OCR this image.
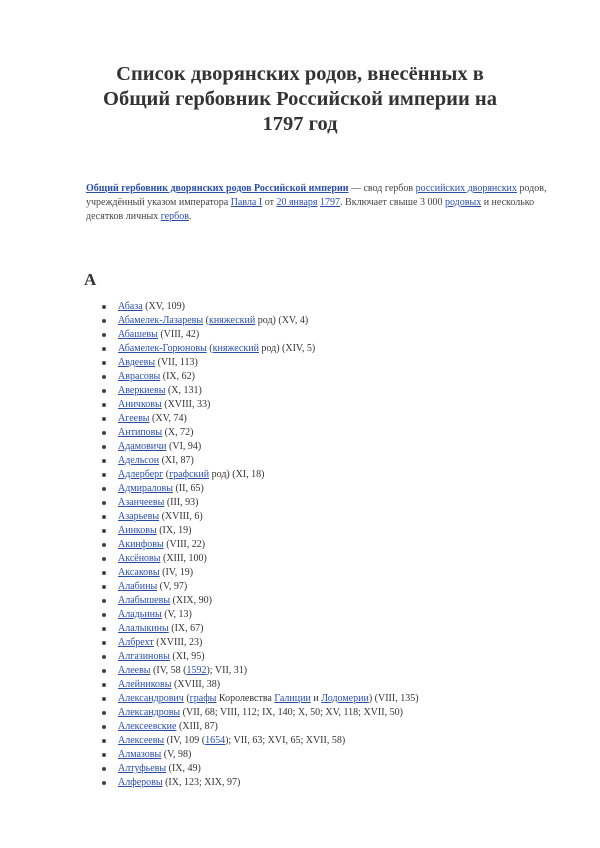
Список дворянских родов, внесённых в
Общий гербовник Российской империи на
1797 год
Общий гербовник дворянских родов Российской империи — свод гербов российских дворянских родов, учреждённый указом императора Павла I от 20 января 1797. Включает свыше 3 000 родовых и несколько десятков личных гербов.
А
Абаза (XV, 109)
Абамелек-Лазаревы (княжеский род) (XV, 4)
Абашевы (VIII, 42)
Абамелек-Горюновы (княжеский род) (XIV, 5)
Авдеевы (VII, 113)
Аврасовы (IX, 62)
Аверкиевы (X, 131)
Аничковы (XVIII, 33)
Агеевы (XV, 74)
Антиповы (X, 72)
Адамовичи (VI, 94)
Адельсон (XI, 87)
Адлерберг (графский род) (XI, 18)
Адмираловы (II, 65)
Азанчеевы (III, 93)
Азарьевы (XVIII, 6)
Аинковы (IX, 19)
Акинфовы (VIII, 22)
Аксёновы (XIII, 100)
Аксаковы (IV, 19)
Алабины (V, 97)
Алабышевы (XIX, 90)
Аладьины (V, 13)
Алалыкины (IX, 67)
Албрехт (XVIII, 23)
Алгазиновы (XI, 95)
Алеевы (IV, 58 (1592); VII, 31)
Алейниковы (XVIII, 38)
Александрович (графы Королевства Галиции и Лодомерии) (VIII, 135)
Александровы (VII, 68; VIII, 112; IX, 140; X, 50; XV, 118; XVII, 50)
Алексеевские (XIII, 87)
Алексеевы (IV, 109 (1654); VII, 63; XVI, 65; XVII, 58)
Алмазовы (V, 98)
Алтуфьевы (IX, 49)
Алферовы (IX, 123; XIX, 97)
